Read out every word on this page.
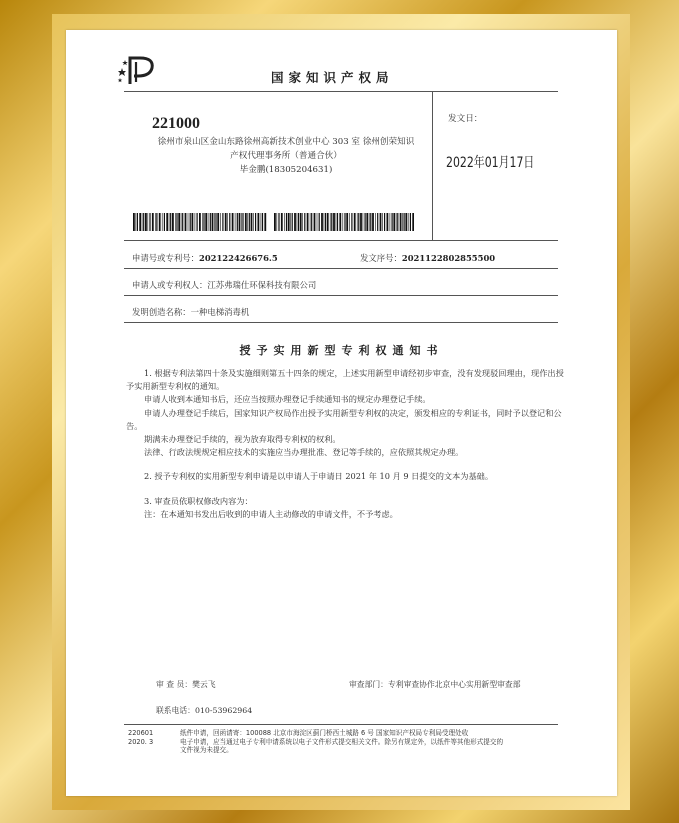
国家知识产权局
221000
徐州市泉山区金山东路徐州高新技术创业中心 303 室 徐州创荣知识
产权代理事务所（普通合伙）
毕金鹏(18305204631)
发文日：
2022年01月17日
申请号或专利号：202122426676.5	发文序号：2021122802855500
申请人或专利权人：江苏弗瑞仕环保科技有限公司
发明创造名称：一种电梯消毒机
授予实用新型专利权通知书

1. 根据专利法第四十条及实施细则第五十四条的规定，上述实用新型申请经初步审查，没有发现驳回理由，现作出授予实用新型专利权的通知。

申请人收到本通知书后，还应当按照办理登记手续通知书的规定办理登记手续。

申请人办理登记手续后，国家知识产权局作出授予实用新型专利权的决定，颁发相应的专利证书，同时予以登记和公告。

期满未办理登记手续的，视为放弃取得专利权的权利。

法律、行政法规规定相应技术的实施应当办理批准、登记等手续的，应依照其规定办理。

2. 授予专利权的实用新型专利申请是以申请人于申请日 2021 年 10 月 9 日提交的文本为基础。

3. 审查员依职权修改内容为：

注：在本通知书发出后收到的申请人主动修改的申请文件，不予考虑。

审 查 员：樊云飞	审查部门：专利审查协作北京中心实用新型审查部
联系电话：010-53962964
220601
2020. 3
纸件申请，回函请寄：100088 北京市海淀区蓟门桥西土城路 6 号 国家知识产权局专利局受理处收
电子申请，应当通过电子专利申请系统以电子文件形式提交相关文件。除另有规定外，以纸件等其他形式提交的
文件视为未提交。
